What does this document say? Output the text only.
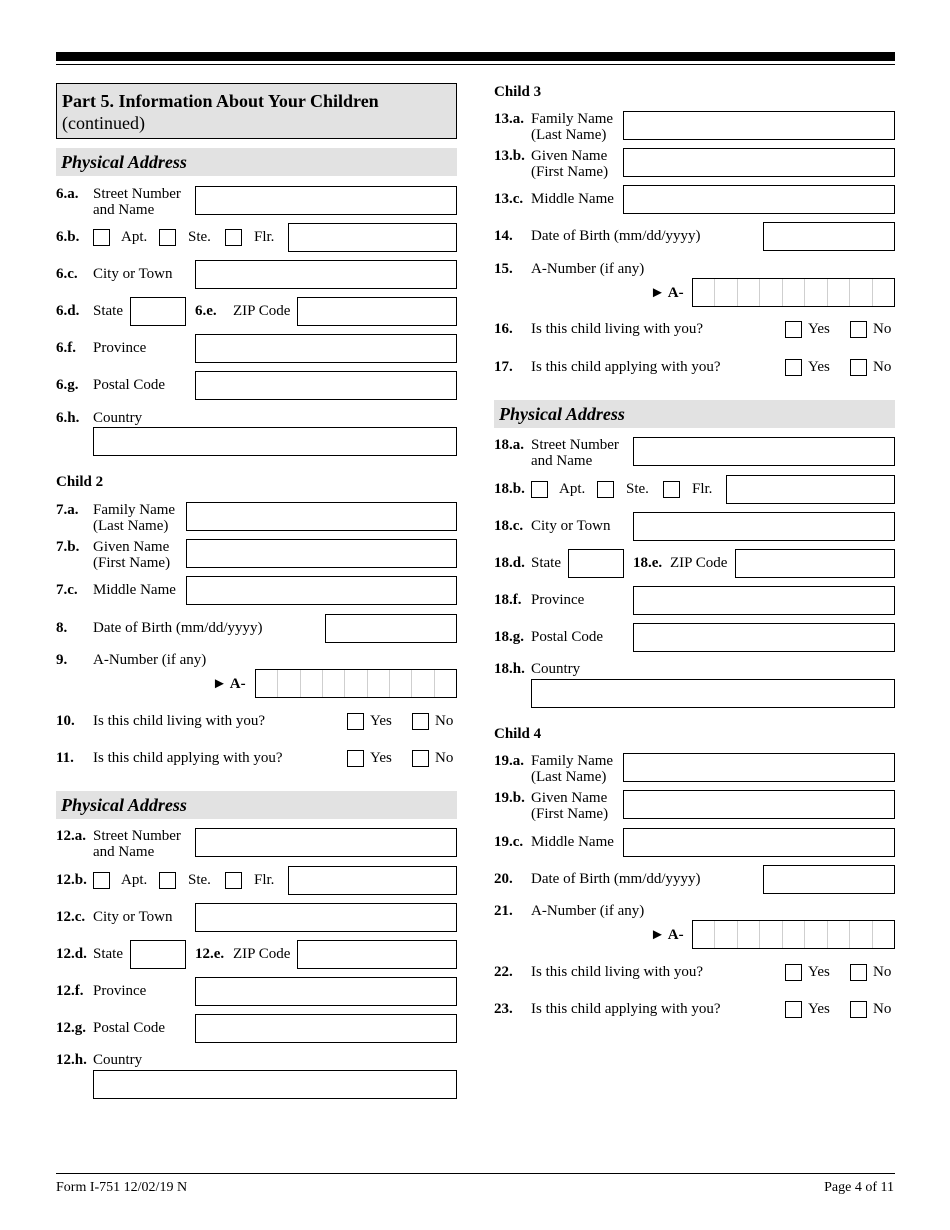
Part 5. Information About Your Children
(continued)
Physical Address
6.a. Street Number
and Name
6.b.	Apt.	Ste.	Flr.
6.c. City or Town
6.d. State	6.e. ZIP Code
6.f. Province
6.g. Postal Code
6.h. Country
Child 2
7.a. Family Name
(Last Name)
7.b. Given Name
(First Name)
7.c. Middle Name
8. Date of Birth (mm/dd/yyyy)
9. A-Number (if any)
► A-
10. Is this child living with you?	Yes	No
11. Is this child applying with you?	Yes	No
Physical Address
12.a. Street Number
and Name
12.b. Apt.	Ste.	Flr.
12.c. City or Town
12.d. State	12.e. ZIP Code
12.f. Province
12.g. Postal Code
12.h. Country
Child 3
13.a. Family Name
(Last Name)
13.b. Given Name
(First Name)
13.c. Middle Name
14. Date of Birth (mm/dd/yyyy)
15. A-Number (if any)
► A-
16. Is this child living with you?	Yes	No
17. Is this child applying with you?	Yes	No
Physical Address
18.a. Street Number
and Name
18.b. Apt.	Ste.	Flr.
18.c. City or Town
18.d. State	18.e. ZIP Code
18.f. Province
18.g. Postal Code
18.h. Country
Child 4
19.a. Family Name
(Last Name)
19.b. Given Name
(First Name)
19.c. Middle Name
20. Date of Birth (mm/dd/yyyy)
21. A-Number (if any)
► A-
22. Is this child living with you?	Yes	No
23. Is this child applying with you?	Yes	No
Form I-751 12/02/19 N	Page 4 of 11
